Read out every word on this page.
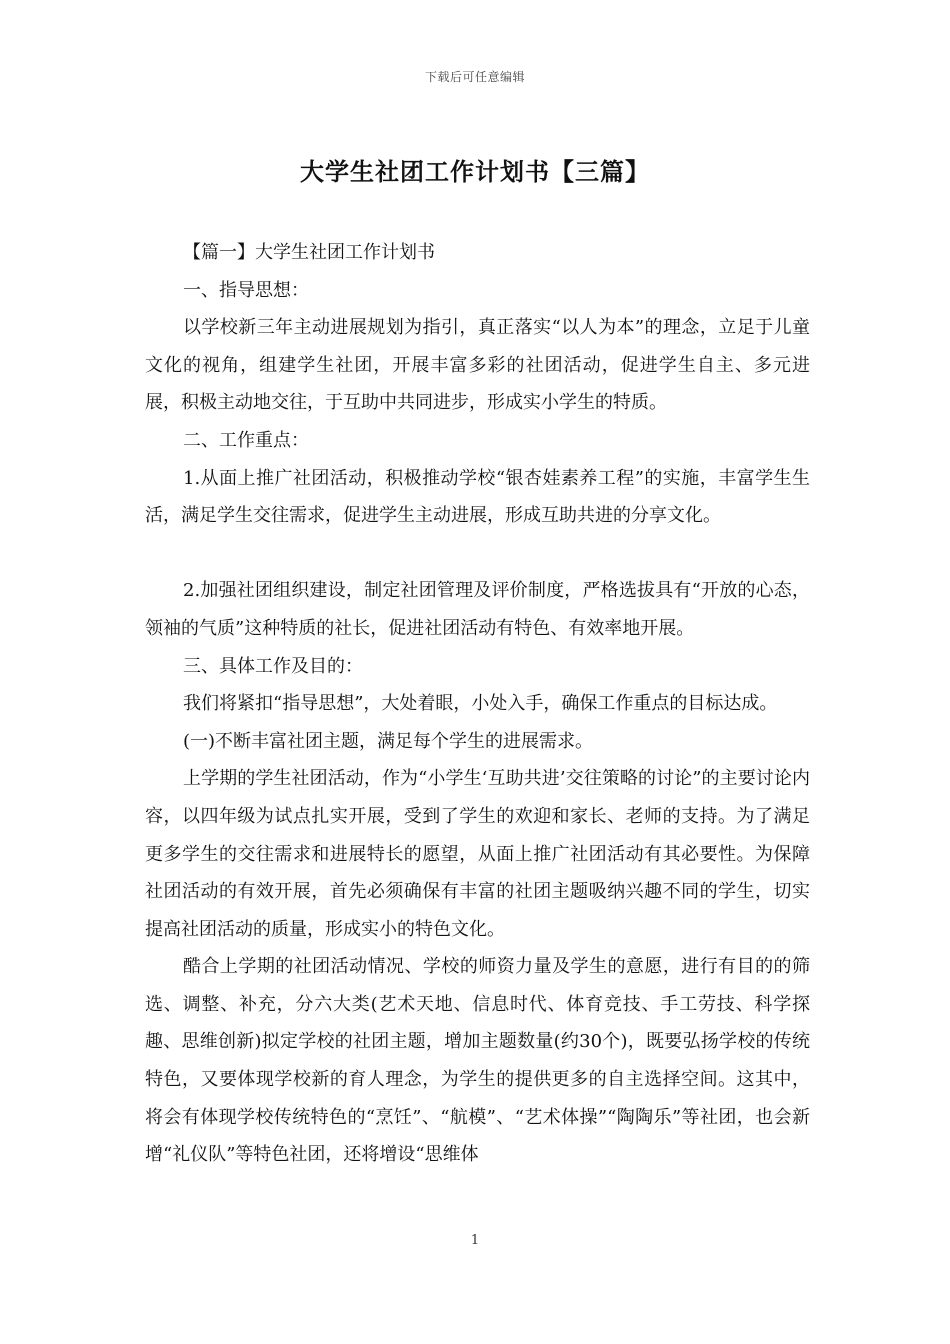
下载后可任意编辑
大学生社团工作计划书【三篇】

【篇一】大学生社团工作计划书

一、指导思想：

以学校新三年主动进展规划为指引，真正落实“以人为本”的理念，立足于儿童文化的视角，组建学生社团，开展丰富多彩的社团活动，促进学生自主、多元进展，积极主动地交往，于互助中共同进步，形成实小学生的特质。

二、工作重点：

1.从面上推广社团活动，积极推动学校“银杏娃素养工程”的实施，丰富学生生活，满足学生交往需求，促进学生主动进展，形成互助共进的分享文化。

2.加强社团组织建设，制定社团管理及评价制度，严格选拔具有“开放的心态，领袖的气质”这种特质的社长，促进社团活动有特色、有效率地开展。

三、具体工作及目的：

我们将紧扣“指导思想”，大处着眼，小处入手，确保工作重点的目标达成。

(一)不断丰富社团主题，满足每个学生的进展需求。

上学期的学生社团活动，作为“小学生‘互助共进’交往策略的讨论”的主要讨论内容，以四年级为试点扎实开展，受到了学生的欢迎和家长、老师的支持。为了满足更多学生的交往需求和进展特长的愿望，从面上推广社团活动有其必要性。为保障社团活动的有效开展，首先必须确保有丰富的社团主题吸纳兴趣不同的学生，切实提高社团活动的质量，形成实小的特色文化。

酷合上学期的社团活动情况、学校的师资力量及学生的意愿，进行有目的的筛选、调整、补充，分六大类(艺术天地、信息时代、体育竞技、手工劳技、科学探趣、思维创新)拟定学校的社团主题，增加主题数量(约30个)，既要弘扬学校的传统特色，又要体现学校新的育人理念，为学生的提供更多的自主选择空间。这其中，将会有体现学校传统特色的“烹饪”、“航模”、“艺术体操”“陶陶乐”等社团，也会新增“礼仪队”等特色社团，还将增设“思维体

1
